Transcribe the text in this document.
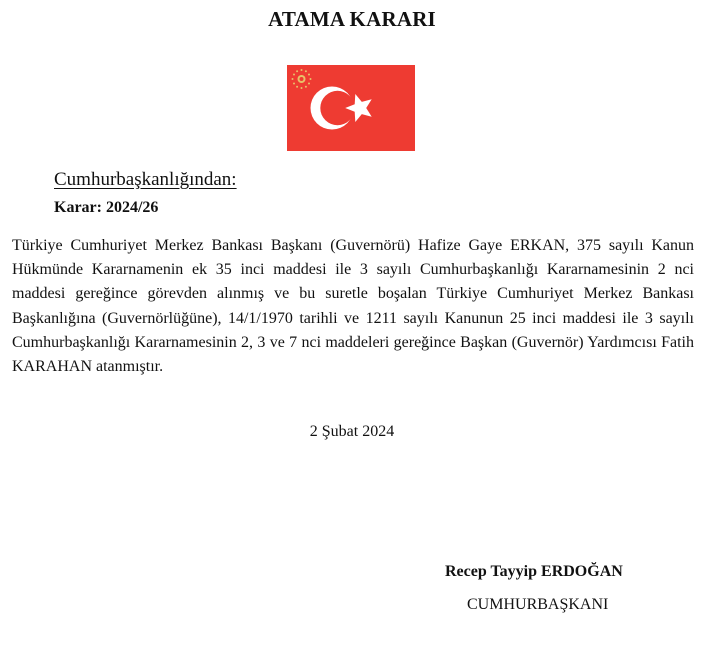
ATAMA KARARI
Cumhurbaşkanlığından:
Karar: 2024/26

Türkiye Cumhuriyet Merkez Bankası Başkanı (Guvernörü) Hafize Gaye ERKAN, 375 sayılı Kanun Hükmünde Kararnamenin ek 35 inci maddesi ile 3 sayılı Cumhurbaşkanlığı Kararnamesinin 2 nci maddesi gereğince görevden alınmış ve bu suretle boşalan Türkiye Cumhuriyet Merkez Bankası Başkanlığına (Guvernörlüğüne), 14/1/1970 tarihli ve 1211 sayılı Kanunun 25 inci maddesi ile 3 sayılı Cumhurbaşkanlığı Kararnamesinin 2, 3 ve 7 nci maddeleri gereğince Başkan (Guvernör) Yardımcısı Fatih KARAHAN atanmıştır.

2 Şubat 2024
Recep Tayyip ERDOĞAN
CUMHURBAŞKANI
